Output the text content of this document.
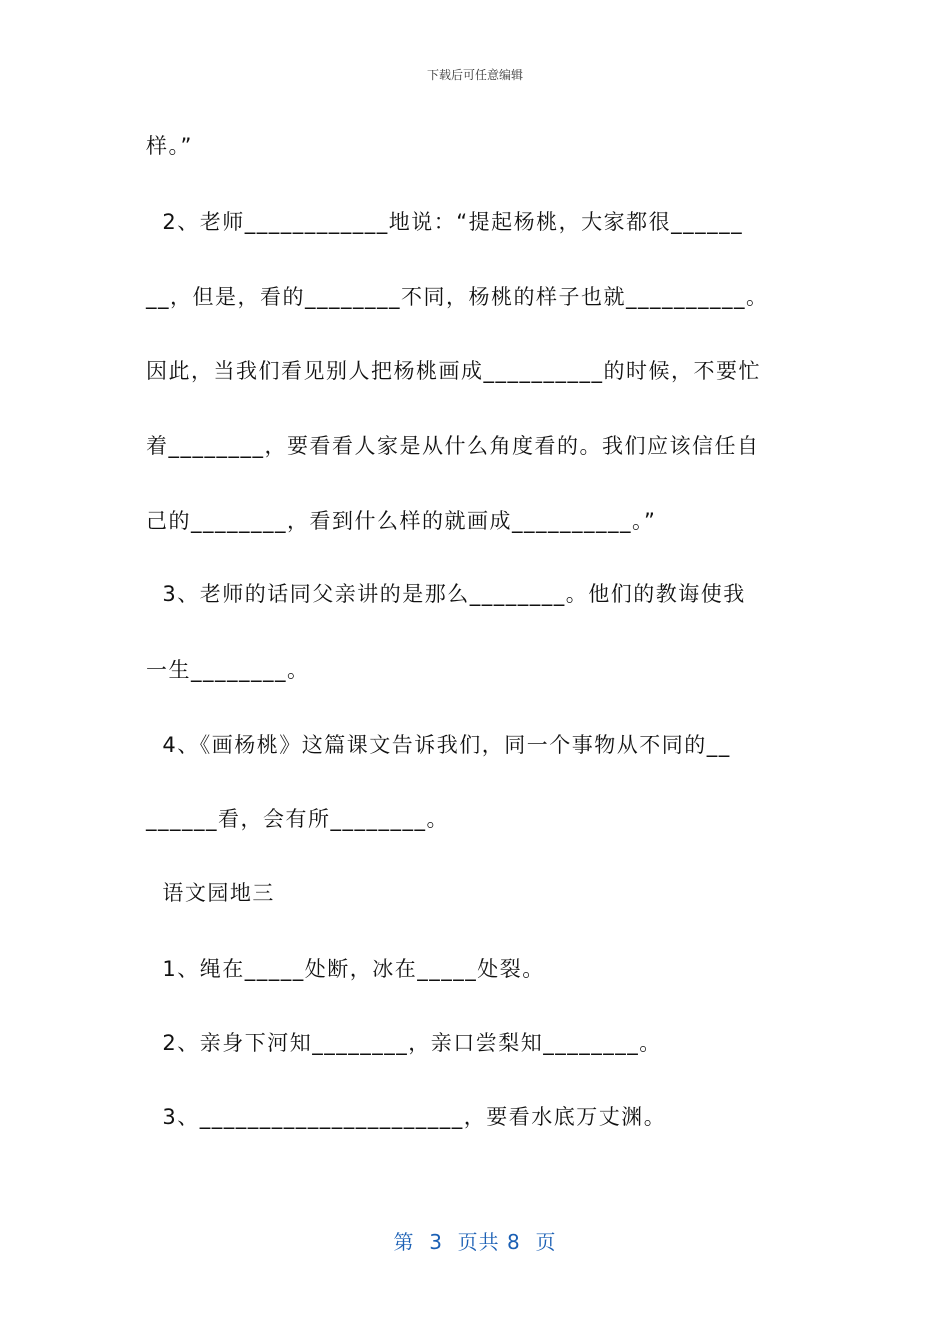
下载后可任意编辑
样。”
2、老师____________地说：“提起杨桃，大家都很______
__，但是，看的________不同，杨桃的样子也就__________。
因此，当我们看见别人把杨桃画成__________的时候，不要忙
着________，要看看人家是从什么角度看的。我们应该信任自
己的________，看到什么样的就画成__________。”
3、老师的话同父亲讲的是那么________。他们的教诲使我
一生________。
4、《画杨桃》这篇课文告诉我们，同一个事物从不同的__
______看，会有所________。
语文园地三
1、绳在_____处断，冰在_____处裂。
2、亲身下河知________，亲口尝梨知________。
3、______________________，要看水底万丈渊。
第  3  页共 8  页
